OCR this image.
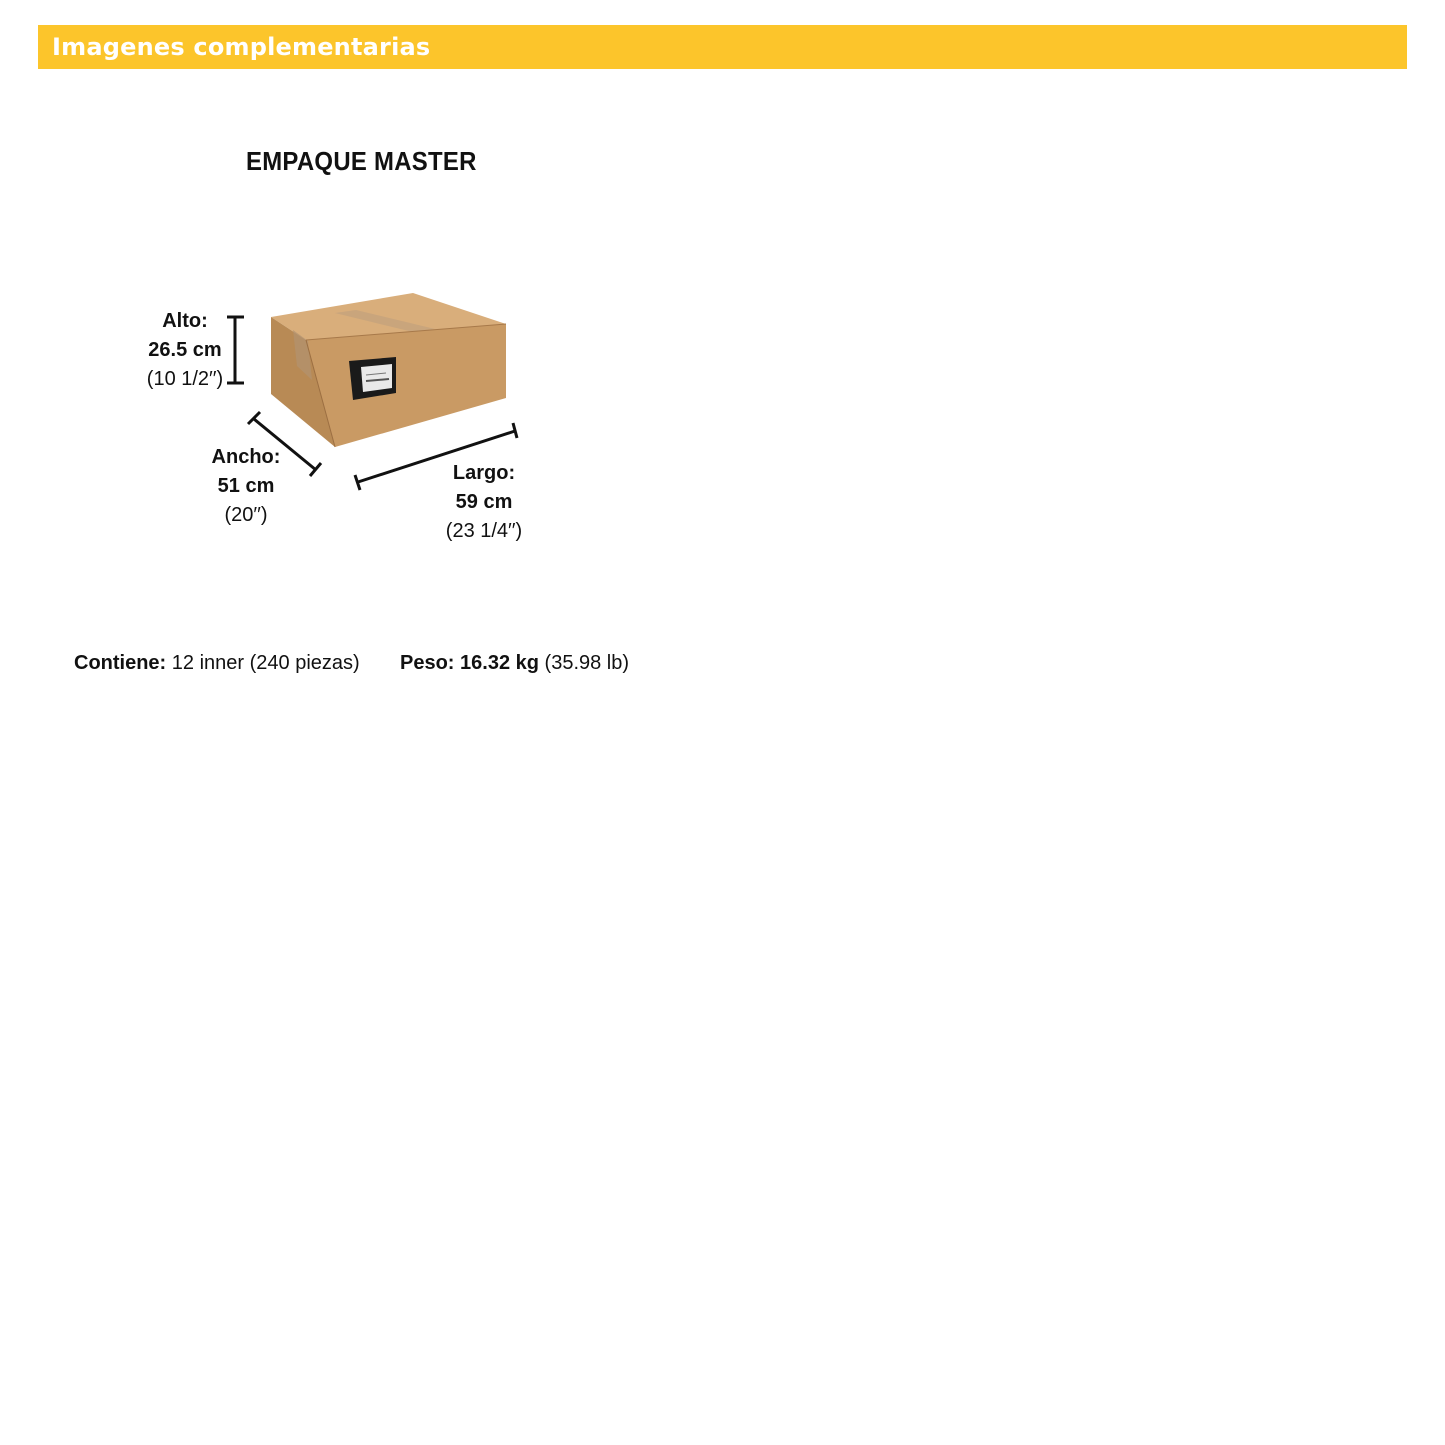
Imagenes complementarias
EMPAQUE MASTER
Alto:
26.5 cm
(10 1/2′′)
Ancho:
51 cm
(20′′)
Largo:
59 cm
(23 1/4′′)
Contiene: 12 inner (240 piezas) Peso: 16.32 kg (35.98 lb)
